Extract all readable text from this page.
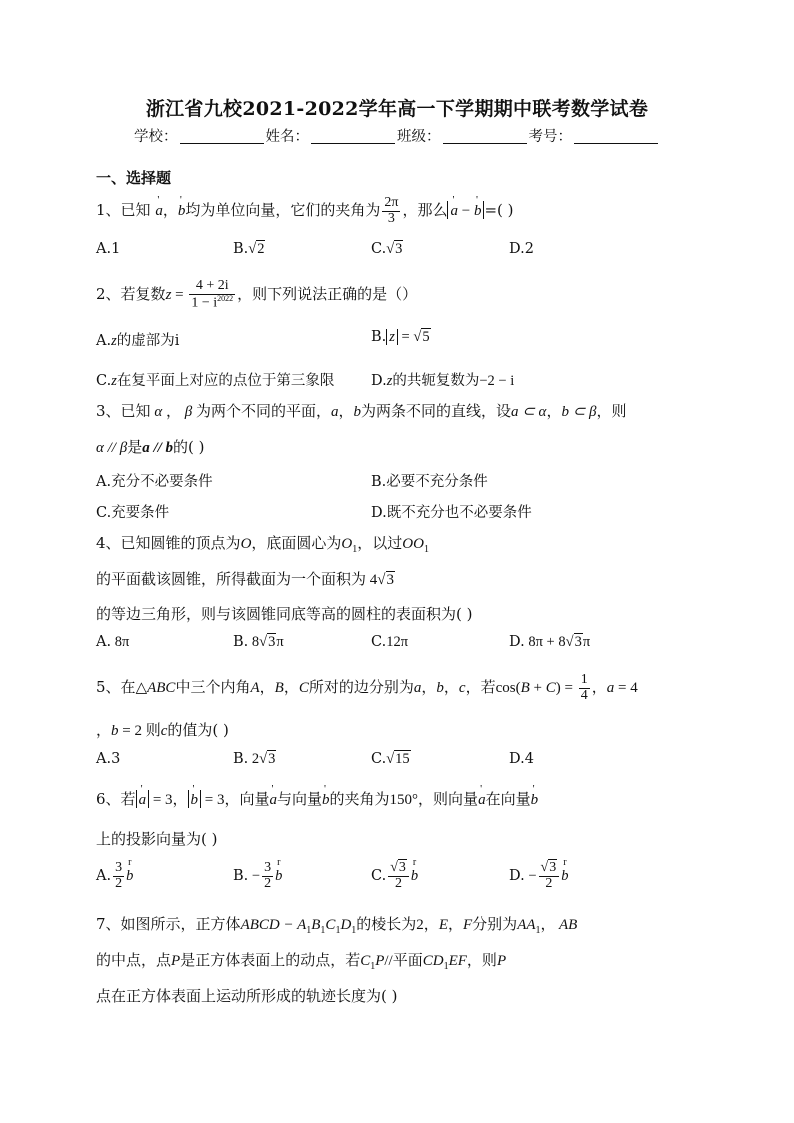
浙江省九校2021-2022学年高一下学期期中联考数学试卷
学校：	姓名：	班级：	考号：
一、选择题
1、已知 ' a，' b均为单位向量，它们的夹角为 $\frac{2\pi}{3}$ ，那么 ' a − ' b =( )
A.1	B.√2	C.√3	D.2
2、若复数$z = \frac{4 + 2i}{1 - i^{2022}}$ ，则下列说法正确的是（）
A.z的虚部为i	B. z = √5
C.z在复平面上对应的点位于第三象限	D.z的共轭复数为−2 − i
3、已知 α ， β 为两个不同的平面，a，b为两条不同的直线，设a ⊂ α，b ⊂ β，则
α // β是a // b的( )
A.充分不必要条件	B.必要不充分条件
C.充要条件	D.既不充分也不必要条件
4、已知圆锥的顶点为O，底面圆心为$O_1$，以过$OO_1$
的平面截该圆锥，所得截面为一个面积为 4√3
的等边三角形，则与该圆锥同底等高的圆柱的表面积为( )
A. 8π	B. 8√3π	C.12π	D. 8π + 8√3π
5、在△ABC中三个内角A，B，C所对的边分别为a，b，c，若$\cos(B + C) = \frac{1}{4}$ ，a = 4
，b = 2 则c的值为( )
A.3	B. 2√3	C.√15	D.4
6、若 ' a = 3， ' b = 3，向量' a与向量' b的夹角为150°，则向量' a在向量' b
上的投影向量为( )
A. $\frac{3}{2}$ r b	B. − $\frac{3}{2}$ r b	C. $\frac{√3}{2}$ r b	D. − $\frac{√3}{2}$ r b
7、如图所示，正方体ABCD − $A_1B_1C_1D_1$的棱长为2，E，F分别为$AA_1$， AB
的中点，点P是正方体表面上的动点，若$C_1P//$平面$CD_1EF$，则P
点在正方体表面上运动所形成的轨迹长度为( )
